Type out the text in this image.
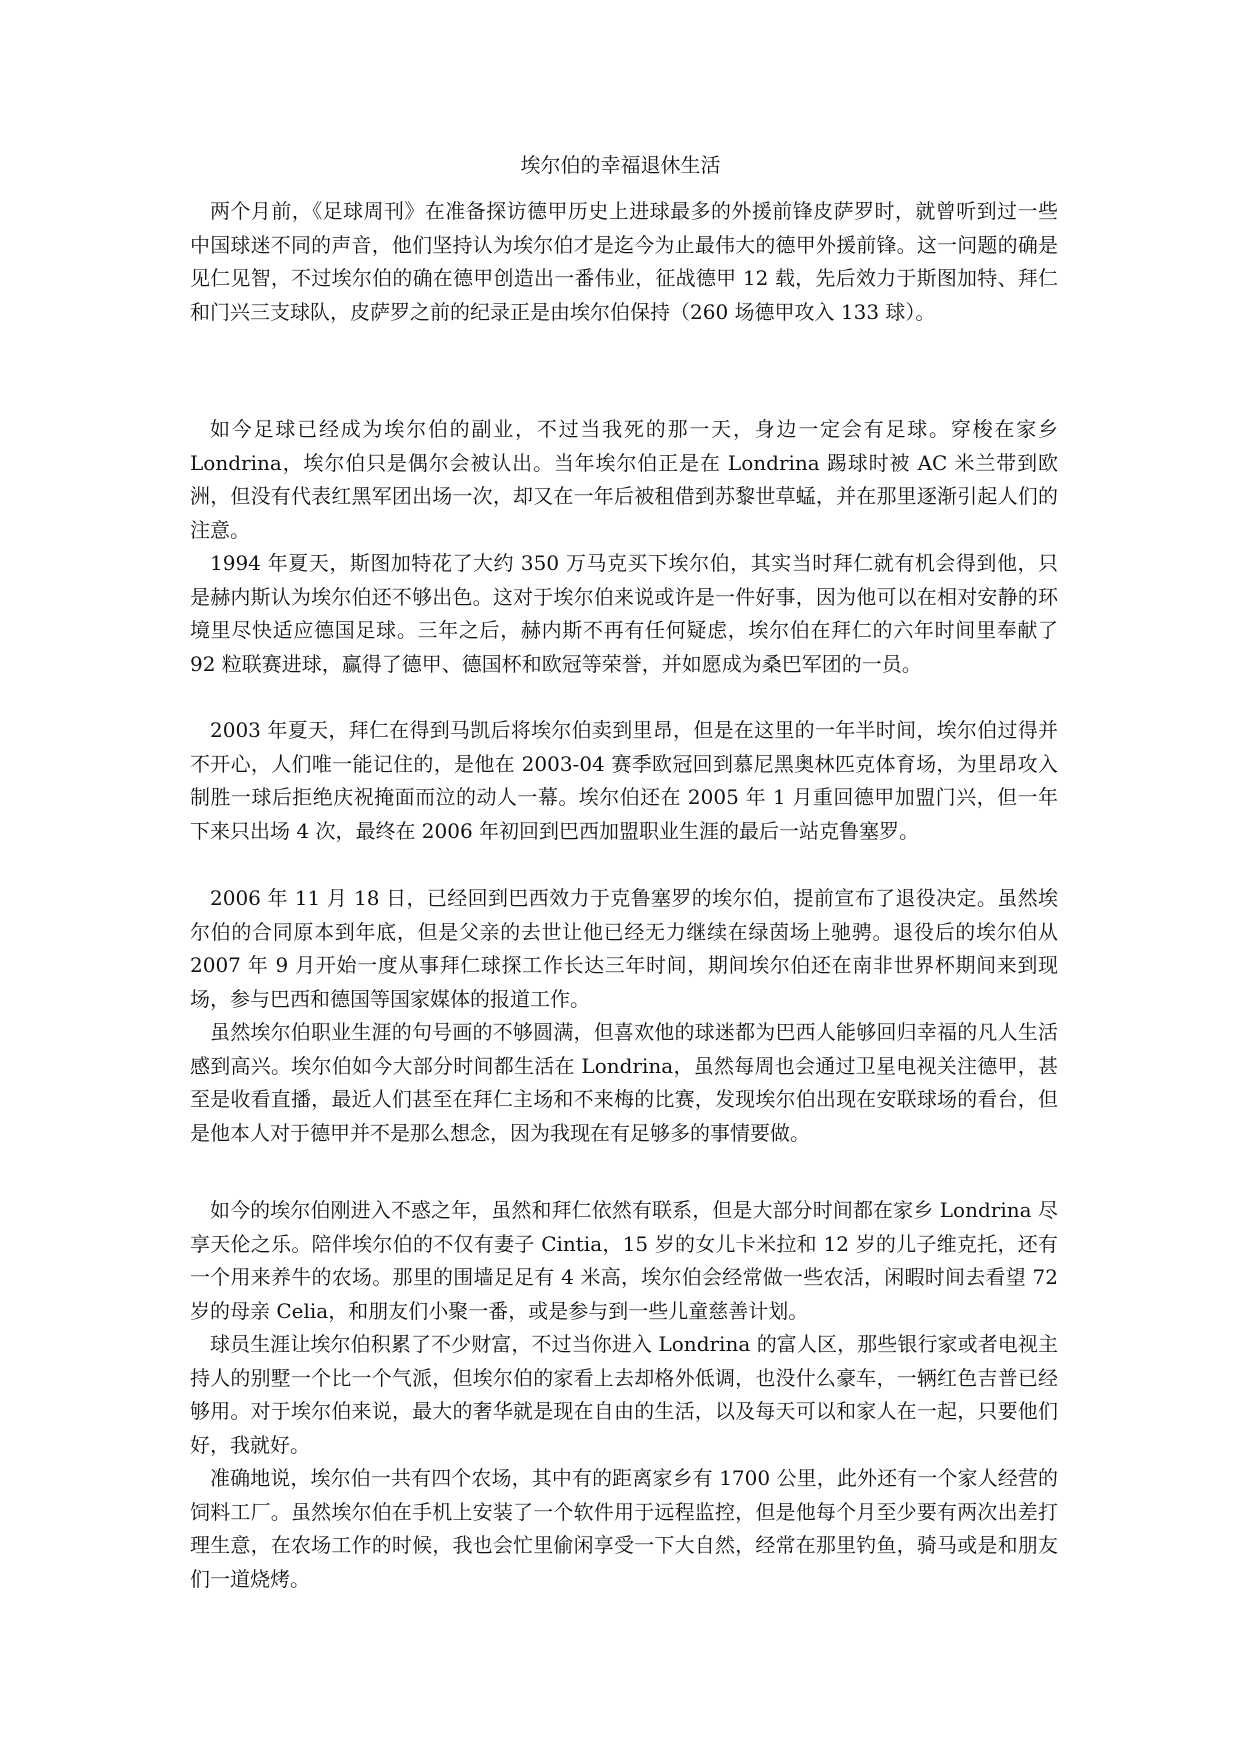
埃尔伯的幸福退休生活

两个月前，《足球周刊》在准备探访德甲历史上进球最多的外援前锋皮萨罗时，就曾听到过一些中国球迷不同的声音，他们坚持认为埃尔伯才是迄今为止最伟大的德甲外援前锋。这一问题的确是见仁见智，不过埃尔伯的确在德甲创造出一番伟业，征战德甲 12 载，先后效力于斯图加特、拜仁和门兴三支球队，皮萨罗之前的纪录正是由埃尔伯保持（260 场德甲攻入 133 球）。

如今足球已经成为埃尔伯的副业，不过当我死的那一天，身边一定会有足球。穿梭在家乡 Londrina，埃尔伯只是偶尔会被认出。当年埃尔伯正是在 Londrina 踢球时被 AC 米兰带到欧洲，但没有代表红黑军团出场一次，却又在一年后被租借到苏黎世草蜢，并在那里逐渐引起人们的注意。

1994 年夏天，斯图加特花了大约 350 万马克买下埃尔伯，其实当时拜仁就有机会得到他，只是赫内斯认为埃尔伯还不够出色。这对于埃尔伯来说或许是一件好事，因为他可以在相对安静的环境里尽快适应德国足球。三年之后，赫内斯不再有任何疑虑，埃尔伯在拜仁的六年时间里奉献了 92 粒联赛进球，赢得了德甲、德国杯和欧冠等荣誉，并如愿成为桑巴军团的一员。

2003 年夏天，拜仁在得到马凯后将埃尔伯卖到里昂，但是在这里的一年半时间，埃尔伯过得并不开心，人们唯一能记住的，是他在 2003-04 赛季欧冠回到慕尼黑奥林匹克体育场，为里昂攻入制胜一球后拒绝庆祝掩面而泣的动人一幕。埃尔伯还在 2005 年 1 月重回德甲加盟门兴，但一年下来只出场 4 次，最终在 2006 年初回到巴西加盟职业生涯的最后一站克鲁塞罗。

2006 年 11 月 18 日，已经回到巴西效力于克鲁塞罗的埃尔伯，提前宣布了退役决定。虽然埃尔伯的合同原本到年底，但是父亲的去世让他已经无力继续在绿茵场上驰骋。退役后的埃尔伯从 2007 年 9 月开始一度从事拜仁球探工作长达三年时间，期间埃尔伯还在南非世界杯期间来到现场，参与巴西和德国等国家媒体的报道工作。

虽然埃尔伯职业生涯的句号画的不够圆满，但喜欢他的球迷都为巴西人能够回归幸福的凡人生活感到高兴。埃尔伯如今大部分时间都生活在 Londrina，虽然每周也会通过卫星电视关注德甲，甚至是收看直播，最近人们甚至在拜仁主场和不来梅的比赛，发现埃尔伯出现在安联球场的看台，但是他本人对于德甲并不是那么想念，因为我现在有足够多的事情要做。

如今的埃尔伯刚进入不惑之年，虽然和拜仁依然有联系，但是大部分时间都在家乡 Londrina 尽享天伦之乐。陪伴埃尔伯的不仅有妻子 Cintia，15 岁的女儿卡米拉和 12 岁的儿子维克托，还有一个用来养牛的农场。那里的围墙足足有 4 米高，埃尔伯会经常做一些农活，闲暇时间去看望 72 岁的母亲 Celia，和朋友们小聚一番，或是参与到一些儿童慈善计划。

球员生涯让埃尔伯积累了不少财富，不过当你进入 Londrina 的富人区，那些银行家或者电视主持人的别墅一个比一个气派，但埃尔伯的家看上去却格外低调，也没什么豪车，一辆红色吉普已经够用。对于埃尔伯来说，最大的奢华就是现在自由的生活，以及每天可以和家人在一起，只要他们好，我就好。

准确地说，埃尔伯一共有四个农场，其中有的距离家乡有 1700 公里，此外还有一个家人经营的饲料工厂。虽然埃尔伯在手机上安装了一个软件用于远程监控，但是他每个月至少要有两次出差打理生意，在农场工作的时候，我也会忙里偷闲享受一下大自然，经常在那里钓鱼，骑马或是和朋友们一道烧烤。
